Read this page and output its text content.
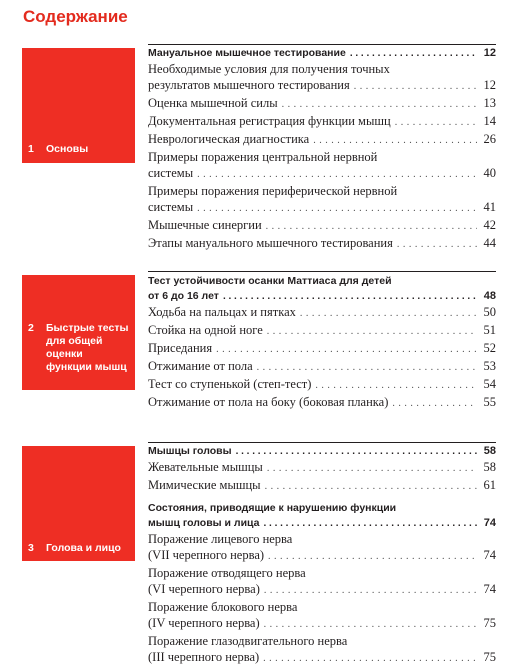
Содержание
1 Основы
Мануальное мышечное тестирование . . .	12
Необходимые условия для получения точных
результатов мышечного тестирования . . .	12
Оценка мышечной силы . . .	13
Документальная регистрация функции мышц . . .	14
Неврологическая диагностика . . .	26
Примеры поражения центральной нервной
системы . . .	40
Примеры поражения периферической нервной
системы . . .	41
Мышечные синергии . . .	42
Этапы мануального мышечного тестирования . . .	44
2 Быстрые тесты для общей оценки функции мышц
Тест устойчивости осанки Маттиаса для детей
от 6 до 16 лет . . .	48
Ходьба на пальцах и пятках . . .	50
Стойка на одной ноге . . .	51
Приседания . . .	52
Отжимание от пола . . .	53
Тест со ступенькой (степ-тест) . . .	54
Отжимание от пола на боку (боковая планка) . . .	55
3 Голова и лицо
Мышцы головы . . .	58
Жевательные мышцы . . .	58
Мимические мышцы . . .	61
Состояния, приводящие к нарушению функции
мышц головы и лица . . .	74
Поражение лицевого нерва
(VII черепного нерва) . . .	74
Поражение отводящего нерва
(VI черепного нерва) . . .	74
Поражение блокового нерва
(IV черепного нерва) . . .	75
Поражение глазодвигательного нерва
(III черепного нерва) . . .	75
